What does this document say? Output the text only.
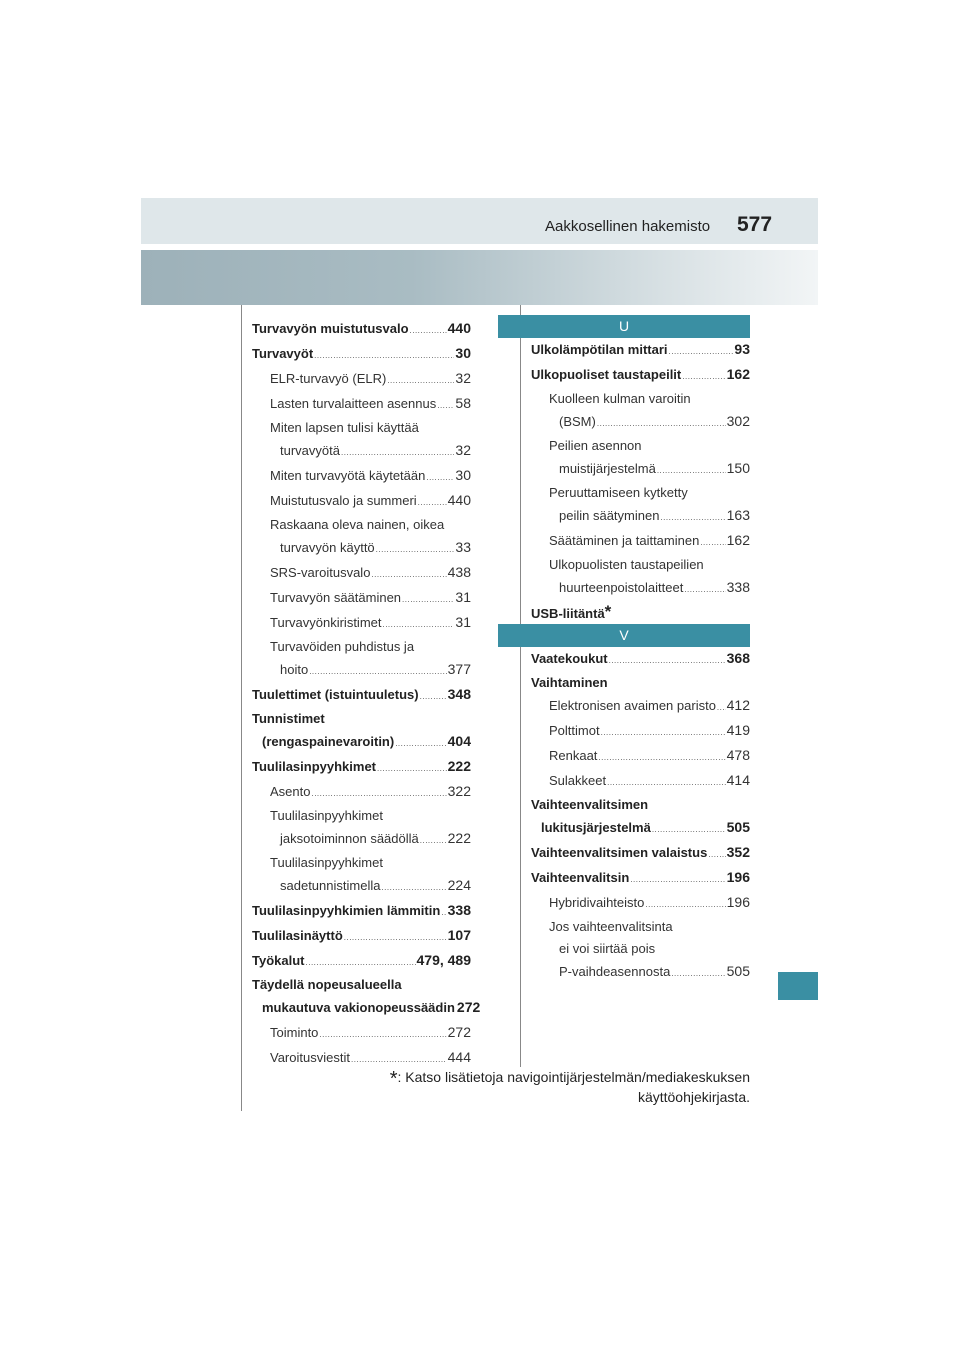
Aakkosellinen hakemisto 577
Turvavyön muistutusvalo .....	440
Turvavyöt .....	30
ELR-turvavyö (ELR) .....	32
Lasten turvalaitteen asennus ..... 58
Miten lapsen tulisi käyttää
turvavyötä .....	32
Miten turvavyötä käytetään ..... 30
Muistutusvalo ja summeri ..... 440
Raskaana oleva nainen, oikea
turvavyön käyttö .....	33
SRS-varoitusvalo .....	438
Turvavyön säätäminen .....	31
Turvavyönkiristimet .....	31
Turvavöiden puhdistus ja
hoito .....	377
Tuulettimet (istuintuuletus) ..... 348
Tunnistimet
(rengaspainevaroitin) .....	404
Tuulilasinpyyhkimet .....	222
Asento .....	322
Tuulilasinpyyhkimet
jaksotoiminnon säädöllä ..... 222
Tuulilasinpyyhkimet
sadetunnistimella .....	224
Tuulilasinpyyhkimien lämmitin ..... 338
Tuulilasinäyttö .....	107
Työkalut .....	479, 489
Täydellä nopeusalueella
mukautuva vakionopeussäädin 272
Toiminto .....	272
Varoitusviestit .....	444
U
Ulkolämpötilan mittari .....	93
Ulkopuoliset taustapeilit .....	162
Kuolleen kulman varoitin
(BSM) .....	302
Peilien asennon
muistijärjestelmä .....	150
Peruuttamiseen kytketty
peilin säätyminen .....	163
Säätäminen ja taittaminen ..... 162
Ulkopuolisten taustapeilien
huurteenpoistolaitteet .....	338
USB-liitäntä*
V
Vaatekoukut .....	368
Vaihtaminen
Elektronisen avaimen paristo ..... 412
Polttimot .....	419
Renkaat .....	478
Sulakkeet .....	414
Vaihteenvalitsimen
lukitusjärjestelmä .....	505
Vaihteenvalitsimen valaistus ..... 352
Vaihteenvalitsin .....	196
Hybridivaihteisto .....	196
Jos vaihteenvalitsinta
ei voi siirtää pois
P-vaihdeasennosta .....	505
*: Katso lisätietoja navigointijärjestelmän/mediakeskuksen
käyttöohjekirjasta.
